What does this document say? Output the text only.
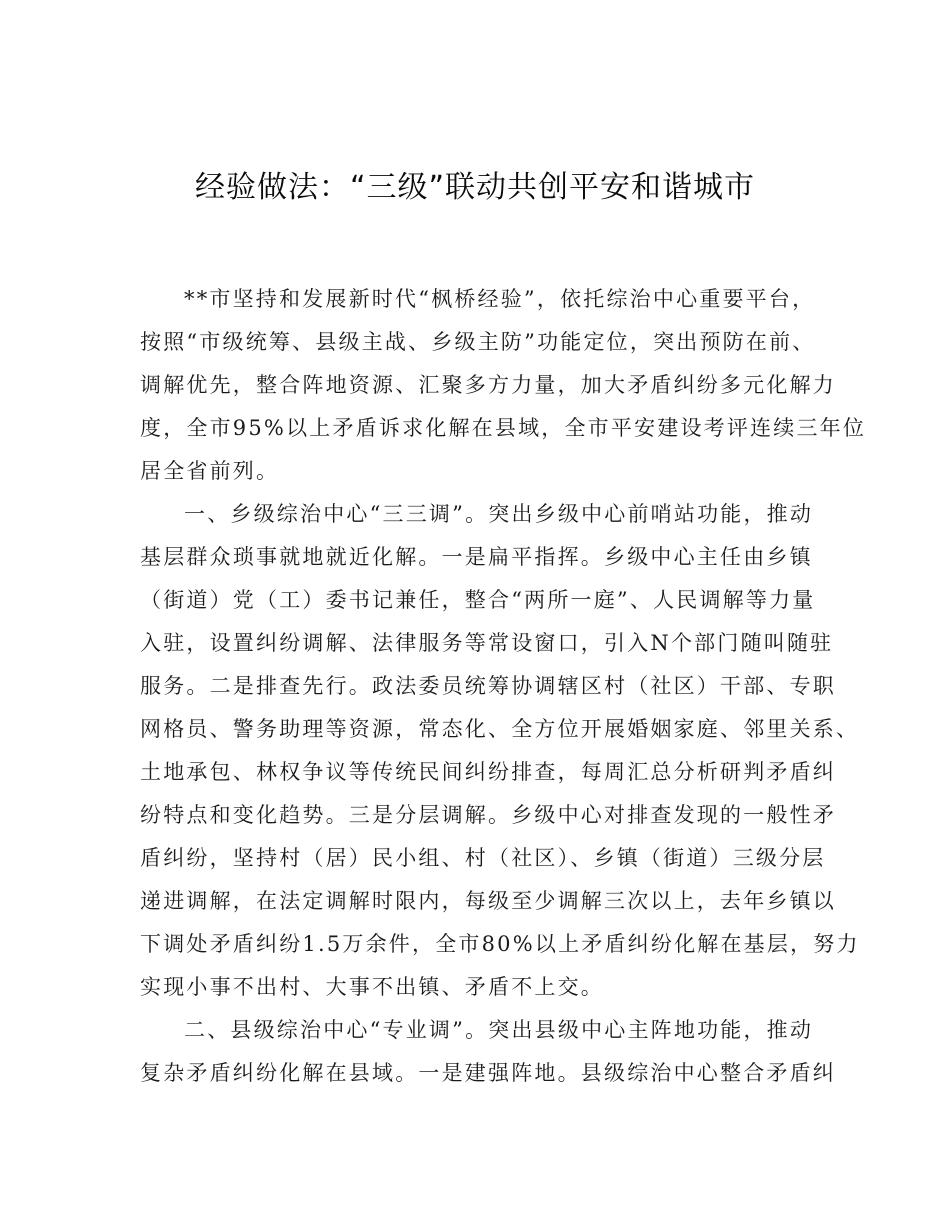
经验做法：“三级”联动共创平安和谐城市
**市坚持和发展新时代“枫桥经验”，依托综治中心重要平台，
按照“市级统筹、县级主战、乡级主防”功能定位，突出预防在前、
调解优先，整合阵地资源、汇聚多方力量，加大矛盾纠纷多元化解力
度，全市95%以上矛盾诉求化解在县域，全市平安建设考评连续三年位
居全省前列。
一、乡级综治中心“三三调”。突出乡级中心前哨站功能，推动
基层群众琐事就地就近化解。一是扁平指挥。乡级中心主任由乡镇
（街道）党（工）委书记兼任，整合“两所一庭”、人民调解等力量
入驻，设置纠纷调解、法律服务等常设窗口，引入N个部门随叫随驻
服务。二是排查先行。政法委员统筹协调辖区村（社区）干部、专职
网格员、警务助理等资源，常态化、全方位开展婚姻家庭、邻里关系、
土地承包、林权争议等传统民间纠纷排查，每周汇总分析研判矛盾纠
纷特点和变化趋势。三是分层调解。乡级中心对排查发现的一般性矛
盾纠纷，坚持村（居）民小组、村（社区）、乡镇（街道）三级分层
递进调解，在法定调解时限内，每级至少调解三次以上，去年乡镇以
下调处矛盾纠纷1.5万余件，全市80%以上矛盾纠纷化解在基层，努力
实现小事不出村、大事不出镇、矛盾不上交。
二、县级综治中心“专业调”。突出县级中心主阵地功能，推动
复杂矛盾纠纷化解在县域。一是建强阵地。县级综治中心整合矛盾纠
